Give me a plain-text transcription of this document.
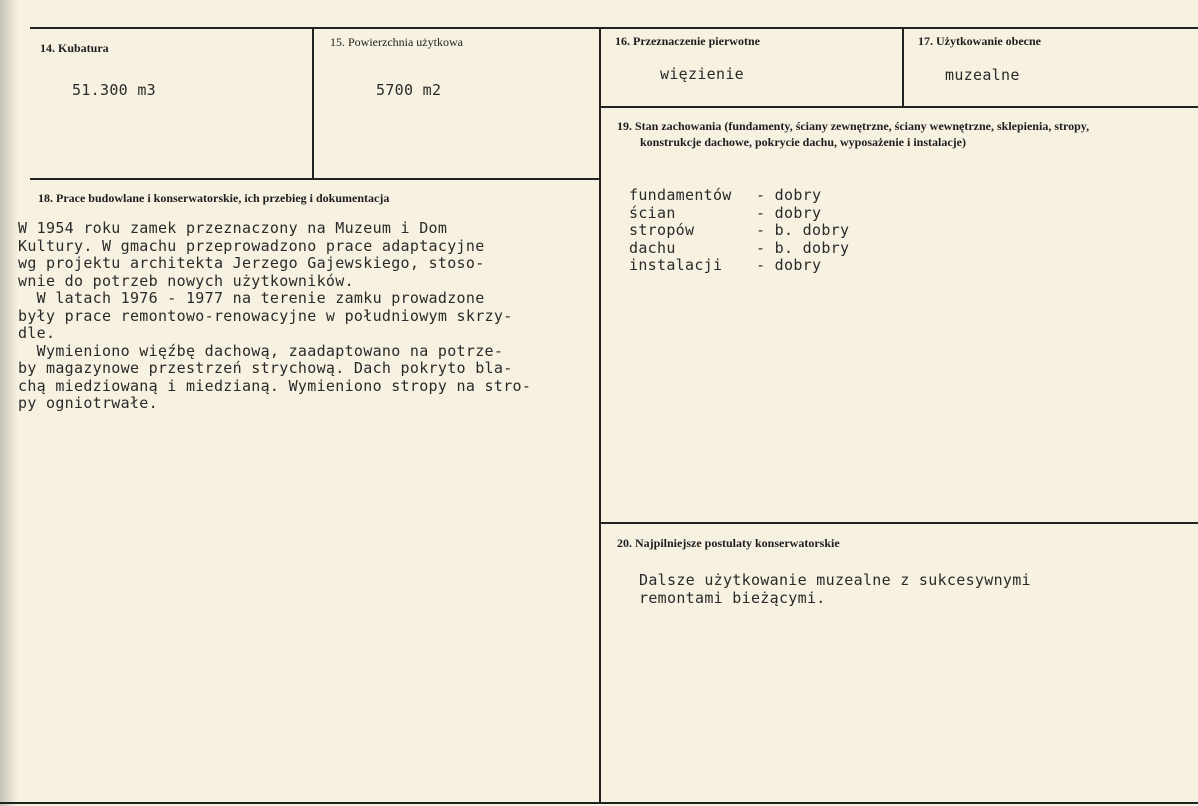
14. Kubatura
51.300 m3
15. Powierzchnia użytkowa
5700 m2
16. Przeznaczenie pierwotne
więzienie
17. Użytkowanie obecne
muzealne
18. Prace budowlane i konserwatorskie, ich przebieg i dokumentacja
W 1954 roku zamek przeznaczony na Muzeum i Dom
Kultury. W gmachu przeprowadzono prace adaptacyjne
wg projektu architekta Jerzego Gajewskiego, stoso-
wnie do potrzeb nowych użytkowników.
W latach 1976 - 1977 na terenie zamku prowadzone
były prace remontowo-renowacyjne w południowym skrzy-
dle.
Wymieniono więźbę dachową, zaadaptowano na potrze-
by magazynowe przestrzeń strychową. Dach pokryto bla-
chą miedziowaną i miedzianą. Wymieniono stropy na stro-
py ogniotrwałe.
19. Stan zachowania (fundamenty, ściany zewnętrzne, ściany wewnętrzne, sklepienia, stropy,
konstrukcje dachowe, pokrycie dachu, wyposażenie i instalacje)
fundamentów - dobry
ścian	- dobry
stropów	- b. dobry
dachu	- b. dobry
instalacji - dobry
20. Najpilniejsze postulaty konserwatorskie
Dalsze użytkowanie muzealne z sukcesywnymi
remontami bieżącymi.
